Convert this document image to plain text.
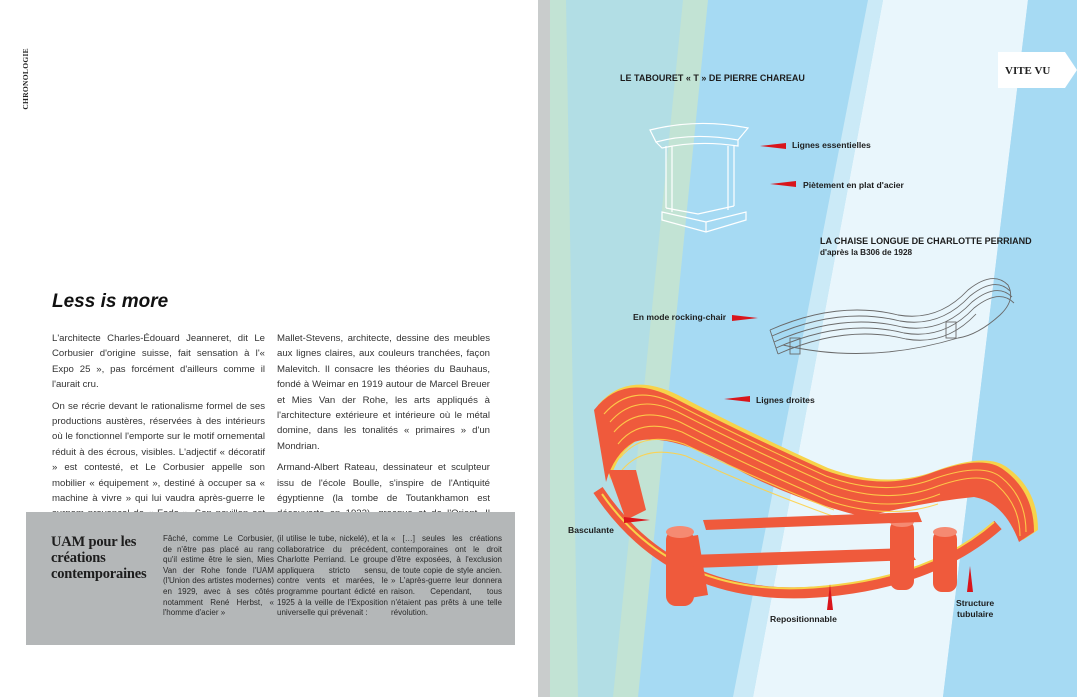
CHRONOLOGIE
Less is more

L'architecte Charles-Édouard Jeanneret, dit Le Corbusier d'origine suisse, fait sensation à l'« Expo 25 », pas forcément d'ailleurs comme il l'aurait cru.

On se récrie devant le rationalisme formel de ses productions austères, réservées à des intérieurs où le fonctionnel l'emporte sur le motif ornemental réduit à des écrous, visibles. L'adjectif « décoratif » est contesté, et Le Corbusier appelle son mobilier « équipement », destiné à occuper sa « machine à vivre » qui lui vaudra après-guerre le

Mallet-Stevens, architecte, dessine des meubles aux lignes claires, aux couleurs tranchées, façon Malevitch. Il consacre les théories du Bauhaus, fondé à Weimar en 1919 autour de Marcel Breuer et Mies Van der Rohe, les arts appliqués à l'architecture extérieure et intérieure où le métal domine, dans les tonalités « primaires » d'un Mondrian.

Armand-Albert Rateau, dessinateur et sculpteur issu de l'école Boulle, s'inspire de l'Antiquité égyptienne (la tombe de Toutankhamon est

UAM pour les créations contemporaines
Fâché, comme Le Corbusier, de n'être pas placé au rang qu'il estime être le sien, Mies Van der Rohe fonde l'UAM (l'Union des artistes modernes) en 1929, avec à ses côtés notamment René Herbst, « l'homme d'acier »
(il utilise le tube, nickelé), et la collaboratrice du précédent, Charlotte Perriand. Le groupe appliquera stricto sensu, contre vents et marées, le programme pourtant édicté en 1925 à la veille de l'Exposition universelle qui prévenait :
« […] seules les créations contemporaines ont le droit d'être exposées, à l'exclusion de toute copie de style ancien. » L'après-guerre leur donnera raison. Cependant, tous n'étaient pas prêts à une telle révolution.
VITE VU
LE TABOURET « T » DE PIERRE CHAREAU
LA CHAISE LONGUE DE CHARLOTTE PERRIAND
d'après la B306 de 1928
Lignes essentielles
Piètement en plat d'acier
En mode rocking-chair
Lignes droites
Basculante
Repositionnable
Structure
tubulaire
